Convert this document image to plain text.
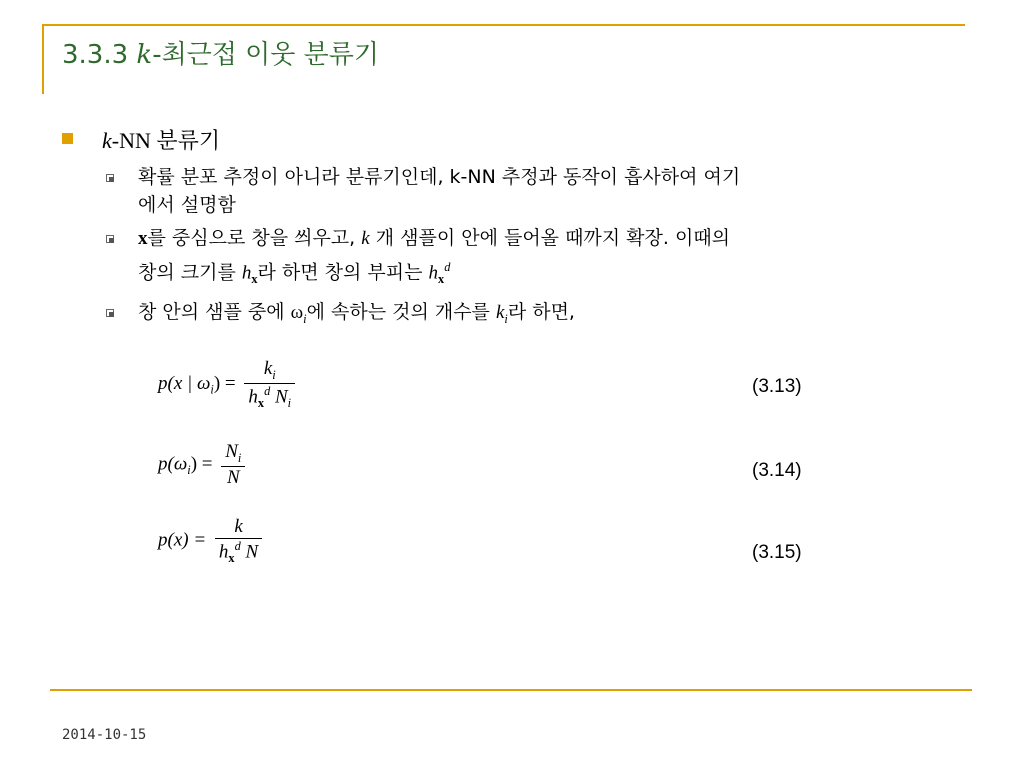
3.3.3 k-최근접 이웃 분류기
k-NN 분류기
확률 분포 추정이 아니라 분류기인데, k-NN 추정과 동작이 흡사하여 여기
에서 설명함
x를 중심으로 창을 씌우고, k 개 샘플이 안에 들어올 때까지 확장. 이때의
창의 크기를 $h_x$라 하면 창의 부피는 $h_x^d$
창 안의 샘플 중에 $\omega_i$에 속하는 것의 개수를 $k_i$라 하면,
p(x | $\omega_i) = \frac{k_i}{h_x^d N_i}$	(3.13)
$p(\omega_i) = \frac{N_i}{N}$	(3.14)
$p(x) = \frac{k}{h_x^d N}$	(3.15)
2014-10-15
